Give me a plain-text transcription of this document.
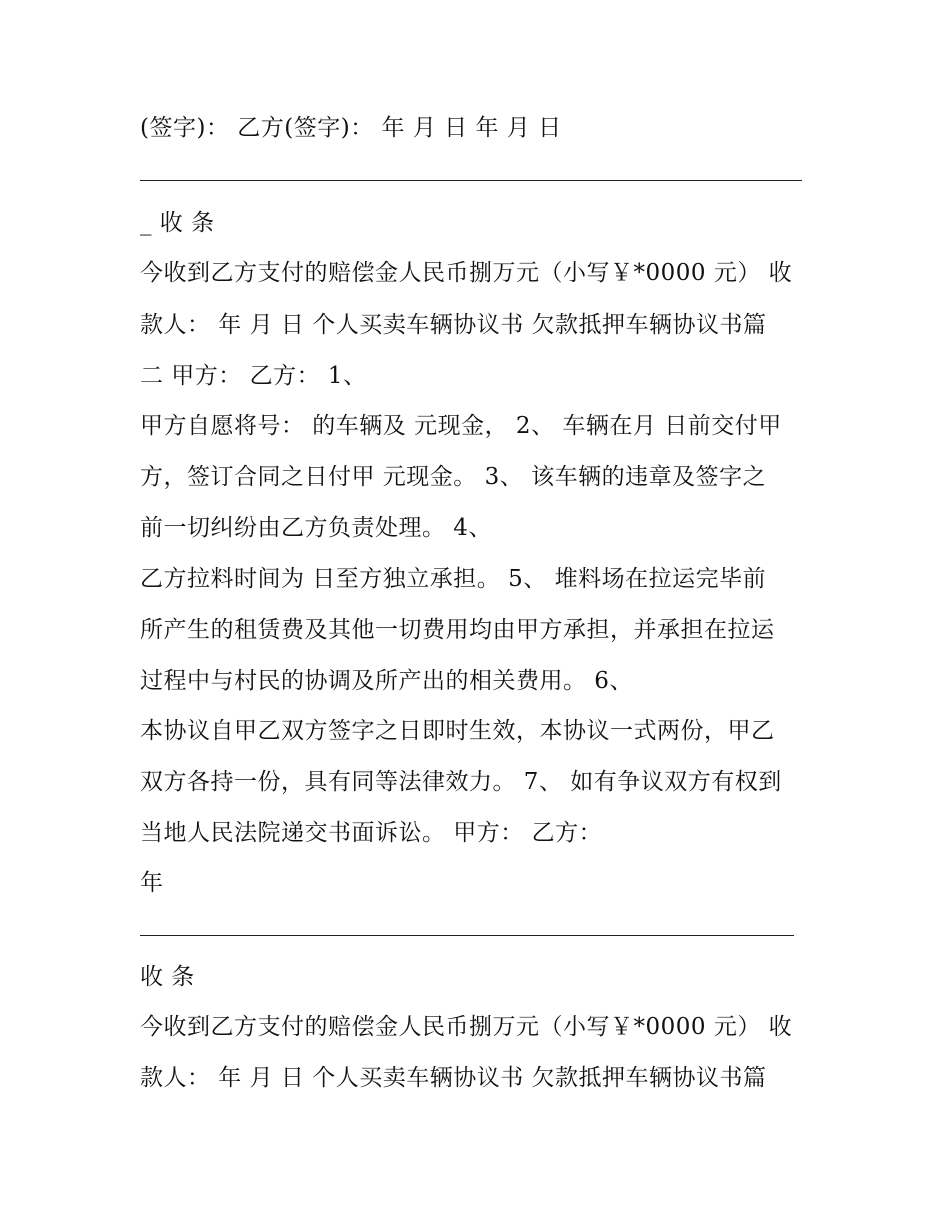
(签字)： 乙方(签字)： 年 月 日 年 月 日
_ 收 条
今收到乙方支付的赔偿金人民币捌万元（小写￥*0000 元） 收
款人： 年 月 日 个人买卖车辆协议书 欠款抵押车辆协议书篇
二 甲方： 乙方： 1、
甲方自愿将号： 的车辆及 元现金， 2、 车辆在月 日前交付甲
方，签订合同之日付甲 元现金。 3、 该车辆的违章及签字之
前一切纠纷由乙方负责处理。 4、
乙方拉料时间为 日至方独立承担。 5、 堆料场在拉运完毕前
所产生的租赁费及其他一切费用均由甲方承担，并承担在拉运
过程中与村民的协调及所产出的相关费用。 6、
本协议自甲乙双方签字之日即时生效，本协议一式两份，甲乙
双方各持一份，具有同等法律效力。 7、 如有争议双方有权到
当地人民法院递交书面诉讼。 甲方： 乙方：
年
收 条
今收到乙方支付的赔偿金人民币捌万元（小写￥*0000 元） 收
款人： 年 月 日 个人买卖车辆协议书 欠款抵押车辆协议书篇
